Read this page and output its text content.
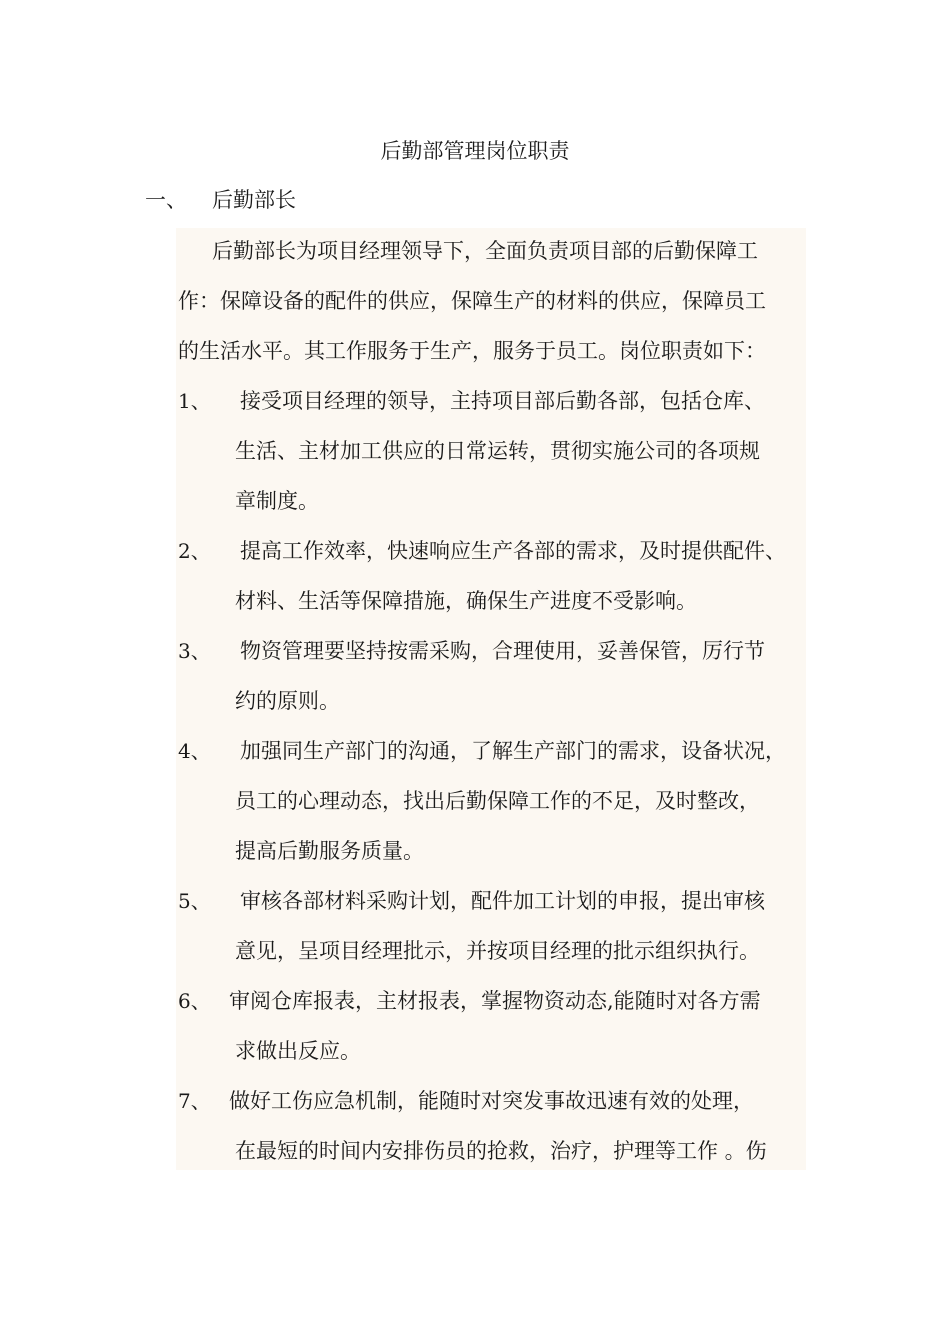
后勤部管理岗位职责
一、 后勤部长
后勤部长为项目经理领导下，全面负责项目部的后勤保障工
作：保障设备的配件的供应，保障生产的材料的供应，保障员工
的生活水平。其工作服务于生产，服务于员工。岗位职责如下：
1、 接受项目经理的领导，主持项目部后勤各部，包括仓库、
生活、主材加工供应的日常运转，贯彻实施公司的各项规
章制度。
2、 提高工作效率，快速响应生产各部的需求，及时提供配件、
材料、生活等保障措施，确保生产进度不受影响。
3、 物资管理要坚持按需采购，合理使用，妥善保管，厉行节
约的原则。
4、 加强同生产部门的沟通，了解生产部门的需求，设备状况，
员工的心理动态，找出后勤保障工作的不足，及时整改，
提高后勤服务质量。
5、 审核各部材料采购计划，配件加工计划的申报，提出审核
意见，呈项目经理批示，并按项目经理的批示组织执行。
6、 审阅仓库报表，主材报表，掌握物资动态,能随时对各方需
求做出反应。
7、 做好工伤应急机制，能随时对突发事故迅速有效的处理，
在最短的时间内安排伤员的抢救，治疗，护理等工作 。伤
